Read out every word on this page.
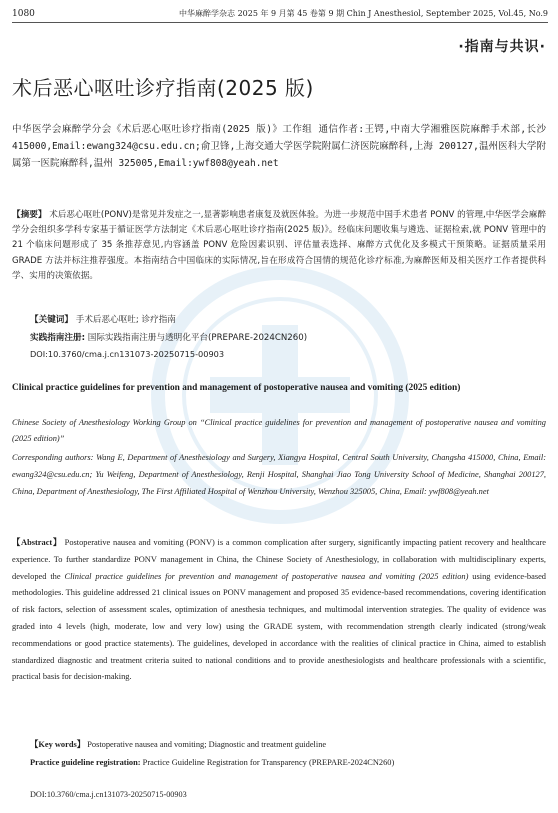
1080	中华麻醉学杂志 2025 年 9 月第 45 卷第 9 期 Chin J Anesthesiol, September 2025, Vol.45, No.9
·指南与共识·
术后恶心呕吐诊疗指南(2025 版)
中华医学会麻醉学分会《术后恶心呕吐诊疗指南(2025 版)》工作组 通信作者:王锷,中南大学湘雅医院麻醉手术部,长沙 415000,Email:ewang324@csu.edu.cn;俞卫锋,上海交通大学医学院附属仁济医院麻醉科,上海 200127,温州医科大学附属第一医院麻醉科,温州 325005,Email:ywf808@yeah.net
【摘要】 术后恶心呕吐(PONV)是常见并发症之一,显著影响患者康复及就医体验。为进一步规范中国手术患者 PONV 的管理,中华医学会麻醉学分会组织多学科专家基于循证医学方法制定《术后恶心呕吐诊疗指南(2025 版)》。经临床问题收集与遴选、证据检索,就 PONV 管理中的 21 个临床问题形成了 35 条推荐意见,内容涵盖 PONV 危险因素识别、评估量表选择、麻醉方式优化及多模式干预策略。证据质量采用 GRADE 方法并标注推荐强度。本指南结合中国临床的实际情况,旨在形成符合国情的规范化诊疗标准,为麻醉医师及相关医疗工作者提供科学、实用的决策依据。
【关键词】 手术后恶心呕吐; 诊疗指南
实践指南注册: 国际实践指南注册与透明化平台(PREPARE-2024CN260)
DOI:10.3760/cma.j.cn131073-20250715-00903
Clinical practice guidelines for prevention and management of postoperative nausea and vomiting (2025 edition)
Chinese Society of Anesthesiology Working Group on “Clinical practice guidelines for prevention and management of postoperative nausea and vomiting (2025 edition)”
Corresponding authors: Wang E, Department of Anesthesiology and Surgery, Xiangya Hospital, Central South University, Changsha 415000, China, Email: ewang324@csu.edu.cn; Yu Weifeng, Department of Anesthesiology, Renji Hospital, Shanghai Jiao Tong University School of Medicine, Shanghai 200127, China, Department of Anesthesiology, The First Affiliated Hospital of Wenzhou University, Wenzhou 325005, China, Email: ywf808@yeah.net
【Abstract】 Postoperative nausea and vomiting (PONV) is a common complication after surgery, significantly impacting patient recovery and healthcare experience. To further standardize PONV management in China, the Chinese Society of Anesthesiology, in collaboration with multidisciplinary experts, developed the Clinical practice guidelines for prevention and management of postoperative nausea and vomiting (2025 edition) using evidence-based methodologies. This guideline addressed 21 clinical issues on PONV management and proposed 35 evidence-based recommendations, covering identification of risk factors, selection of assessment scales, optimization of anesthesia techniques, and multimodal intervention strategies. The quality of evidence was graded into 4 levels (high, moderate, low and very low) using the GRADE system, with recommendation strength clearly indicated (strong/weak recommendations or good practice statements). The guidelines, developed in accordance with the realities of clinical practice in China, aimed to establish standardized diagnostic and treatment criteria suited to national conditions and to provide anesthesiologists and healthcare professionals with a scientific, practical basis for decision-making.
【Key words】 Postoperative nausea and vomiting; Diagnostic and treatment guideline
Practice guideline registration: Practice Guideline Registration for Transparency (PREPARE-2024CN260)
DOI:10.3760/cma.j.cn131073-20250715-00903
